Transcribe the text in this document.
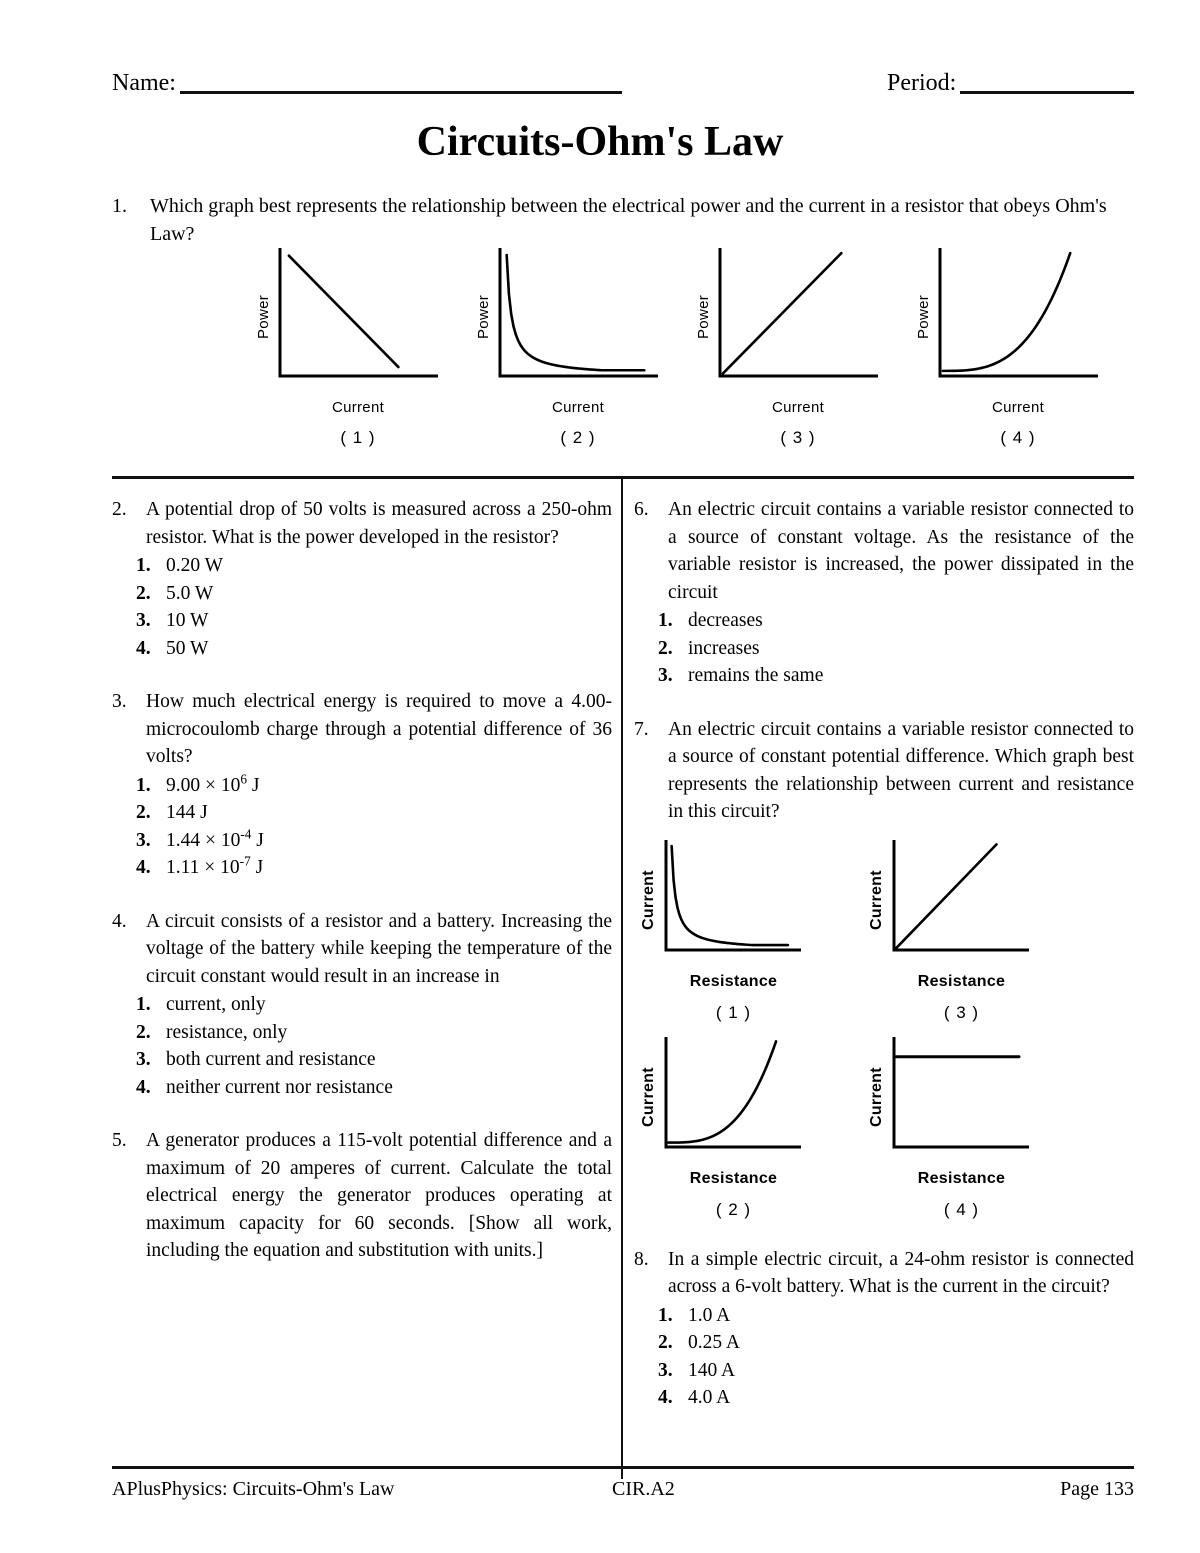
Name:	Period:
Circuits-Ohm's Law
1.	Which graph best represents the relationship between the electrical power and the current in a resistor that obeys Ohm's Law?
Power
Current
( 1 )
Power
Current
( 2 )
Power
Current
( 3 )
Power
Current
( 4 )
2. A potential drop of 50 volts is measured across a 250-ohm resistor. What is the power developed in the resistor?
1. 0.20 W
2. 5.0 W
3. 10 W
4. 50 W
3. How much electrical energy is required to move a 4.00-microcoulomb charge through a potential difference of 36 volts?
1. $9.00 \times 10^6$ J
2. 144 J
3. $1.44 \times 10^{-4}$ J
4. $1.11 \times 10^{-7}$ J
4. A circuit consists of a resistor and a battery. Increasing the voltage of the battery while keeping the temperature of the circuit constant would result in an increase in
1. current, only
2. resistance, only
3. both current and resistance
4. neither current nor resistance
5. A generator produces a 115-volt potential difference and a maximum of 20 amperes of current. Calculate the total electrical energy the generator produces operating at maximum capacity for 60 seconds. [Show all work, including the equation and substitution with units.]
6. An electric circuit contains a variable resistor connected to a source of constant voltage. As the resistance of the variable resistor is increased, the power dissipated in the circuit
1. decreases
2. increases
3. remains the same
7. An electric circuit contains a variable resistor connected to a source of constant potential difference. Which graph best represents the relationship between current and resistance in this circuit?
Current
Resistance
( 1 )
Current
Resistance
( 3 )
Current
Resistance
( 2 )
Current
Resistance
( 4 )
8. In a simple electric circuit, a 24-ohm resistor is connected across a 6-volt battery. What is the current in the circuit?
1. 1.0 A
2. 0.25 A
3. 140 A
4. 4.0 A
APlusPhysics: Circuits-Ohm's Law	CIR.A2	Page 133
